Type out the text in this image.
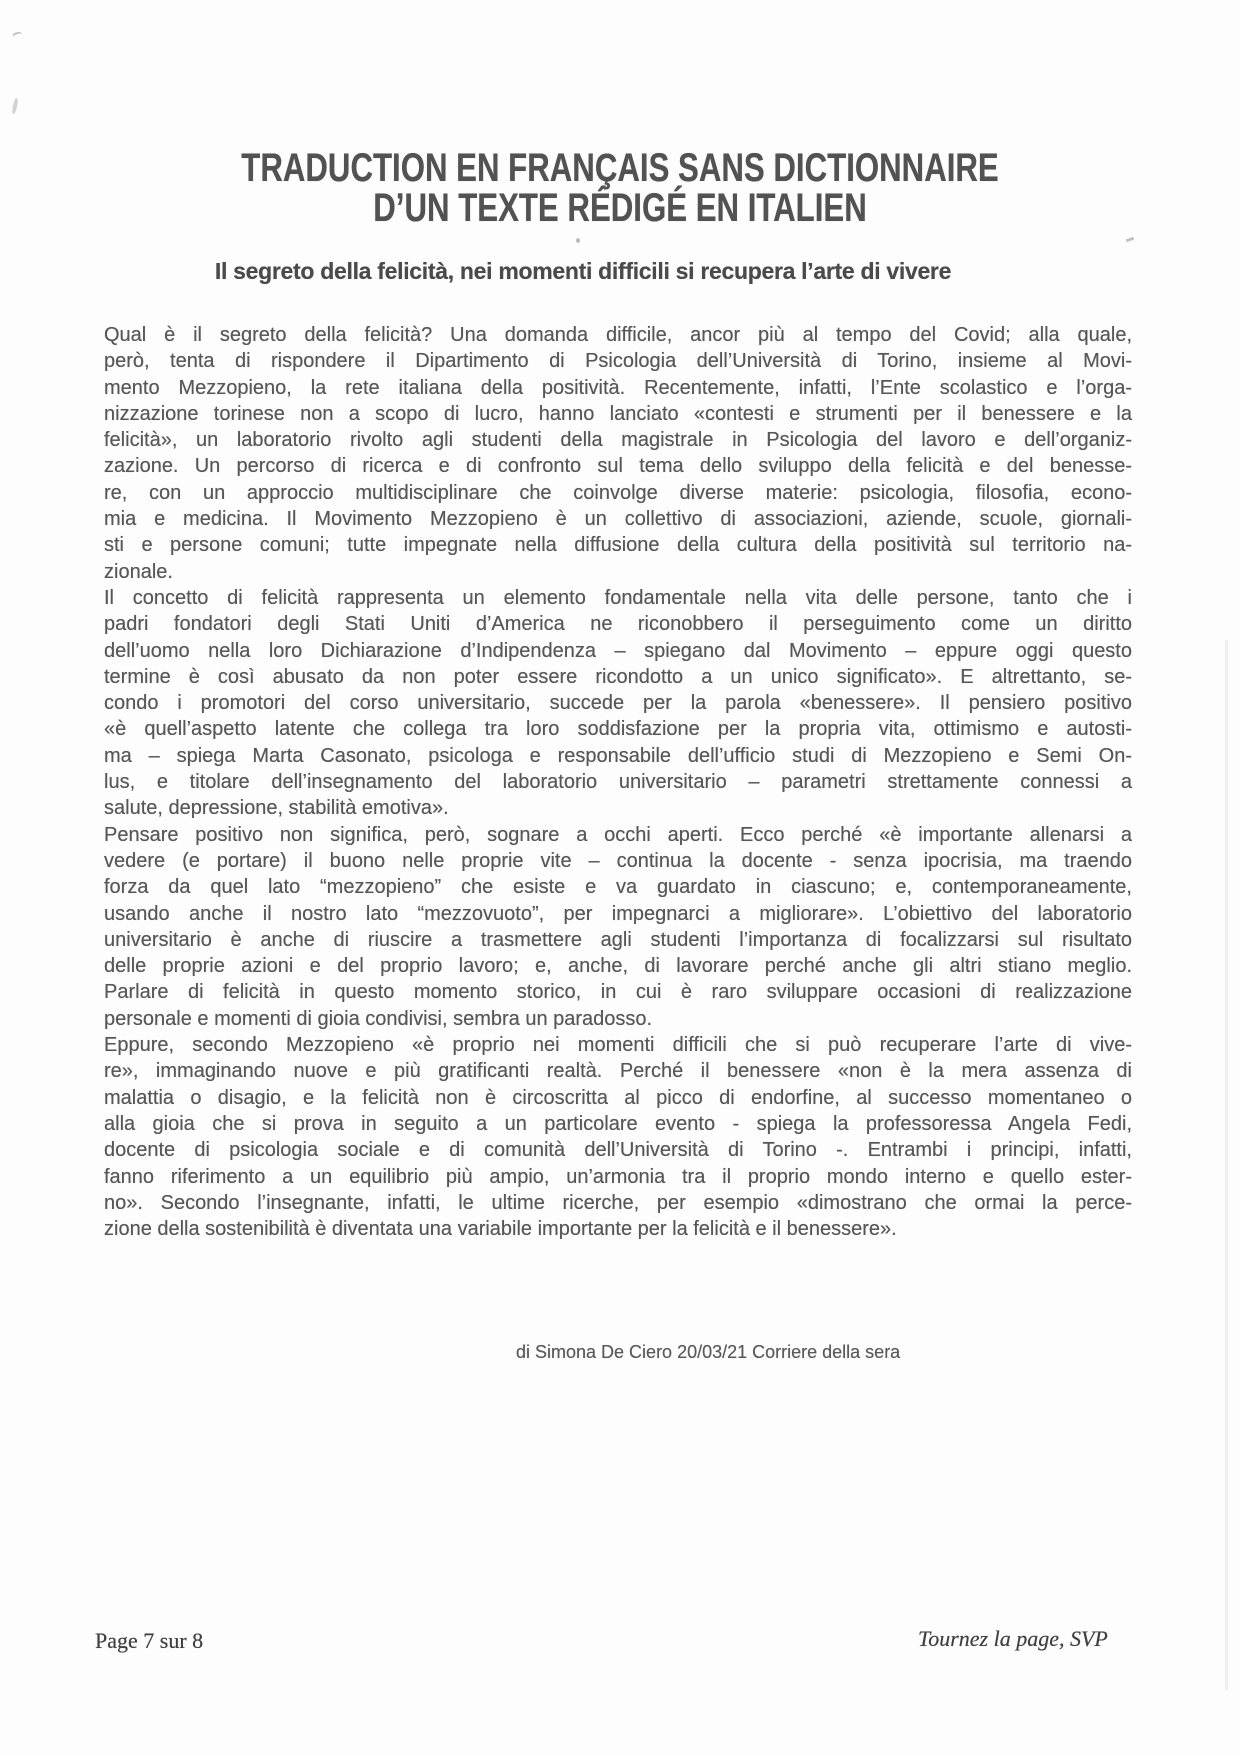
TRADUCTION EN FRANÇAIS SANS DICTIONNAIRE
D’UN TEXTE RÉDIGÉ EN ITALIEN
Il segreto della felicità, nei momenti difficili si recupera l’arte di vivere
Qual è il segreto della felicità? Una domanda difficile, ancor più al tempo del Covid; alla quale,
però, tenta di rispondere il Dipartimento di Psicologia dell’Università di Torino, insieme al Movi-
mento Mezzopieno, la rete italiana della positività. Recentemente, infatti, l’Ente scolastico e l’orga-
nizzazione torinese non a scopo di lucro, hanno lanciato «contesti e strumenti per il benessere e la
felicità», un laboratorio rivolto agli studenti della magistrale in Psicologia del lavoro e dell’organiz-
zazione. Un percorso di ricerca e di confronto sul tema dello sviluppo della felicità e del benesse-
re, con un approccio multidisciplinare che coinvolge diverse materie: psicologia, filosofia, econo-
mia e medicina. Il Movimento Mezzopieno è un collettivo di associazioni, aziende, scuole, giornali-
sti e persone comuni; tutte impegnate nella diffusione della cultura della positività sul territorio na-
zionale.
Il concetto di felicità rappresenta un elemento fondamentale nella vita delle persone, tanto che i
padri fondatori degli Stati Uniti d’America ne riconobbero il perseguimento come un diritto
dell’uomo nella loro Dichiarazione d’Indipendenza – spiegano dal Movimento – eppure oggi questo
termine è così abusato da non poter essere ricondotto a un unico significato». E altrettanto, se-
condo i promotori del corso universitario, succede per la parola «benessere». Il pensiero positivo
«è quell’aspetto latente che collega tra loro soddisfazione per la propria vita, ottimismo e autosti-
ma – spiega Marta Casonato, psicologa e responsabile dell’ufficio studi di Mezzopieno e Semi On-
lus, e titolare dell’insegnamento del laboratorio universitario – parametri strettamente connessi a
salute, depressione, stabilità emotiva».
Pensare positivo non significa, però, sognare a occhi aperti. Ecco perché «è importante allenarsi a
vedere (e portare) il buono nelle proprie vite – continua la docente - senza ipocrisia, ma traendo
forza da quel lato “mezzopieno” che esiste e va guardato in ciascuno; e, contemporaneamente,
usando anche il nostro lato “mezzovuoto”, per impegnarci a migliorare». L’obiettivo del laboratorio
universitario è anche di riuscire a trasmettere agli studenti l’importanza di focalizzarsi sul risultato
delle proprie azioni e del proprio lavoro; e, anche, di lavorare perché anche gli altri stiano meglio.
Parlare di felicità in questo momento storico, in cui è raro sviluppare occasioni di realizzazione
personale e momenti di gioia condivisi, sembra un paradosso.
Eppure, secondo Mezzopieno «è proprio nei momenti difficili che si può recuperare l’arte di vive-
re», immaginando nuove e più gratificanti realtà. Perché il benessere «non è la mera assenza di
malattia o disagio, e la felicità non è circoscritta al picco di endorfine, al successo momentaneo o
alla gioia che si prova in seguito a un particolare evento - spiega la professoressa Angela Fedi,
docente di psicologia sociale e di comunità dell’Università di Torino -. Entrambi i principi, infatti,
fanno riferimento a un equilibrio più ampio, un’armonia tra il proprio mondo interno e quello ester-
no». Secondo l’insegnante, infatti, le ultime ricerche, per esempio «dimostrano che ormai la perce-
zione della sostenibilità è diventata una variabile importante per la felicità e il benessere».
di Simona De Ciero 20/03/21 Corriere della sera
Page 7 sur 8	Tournez la page, SVP
